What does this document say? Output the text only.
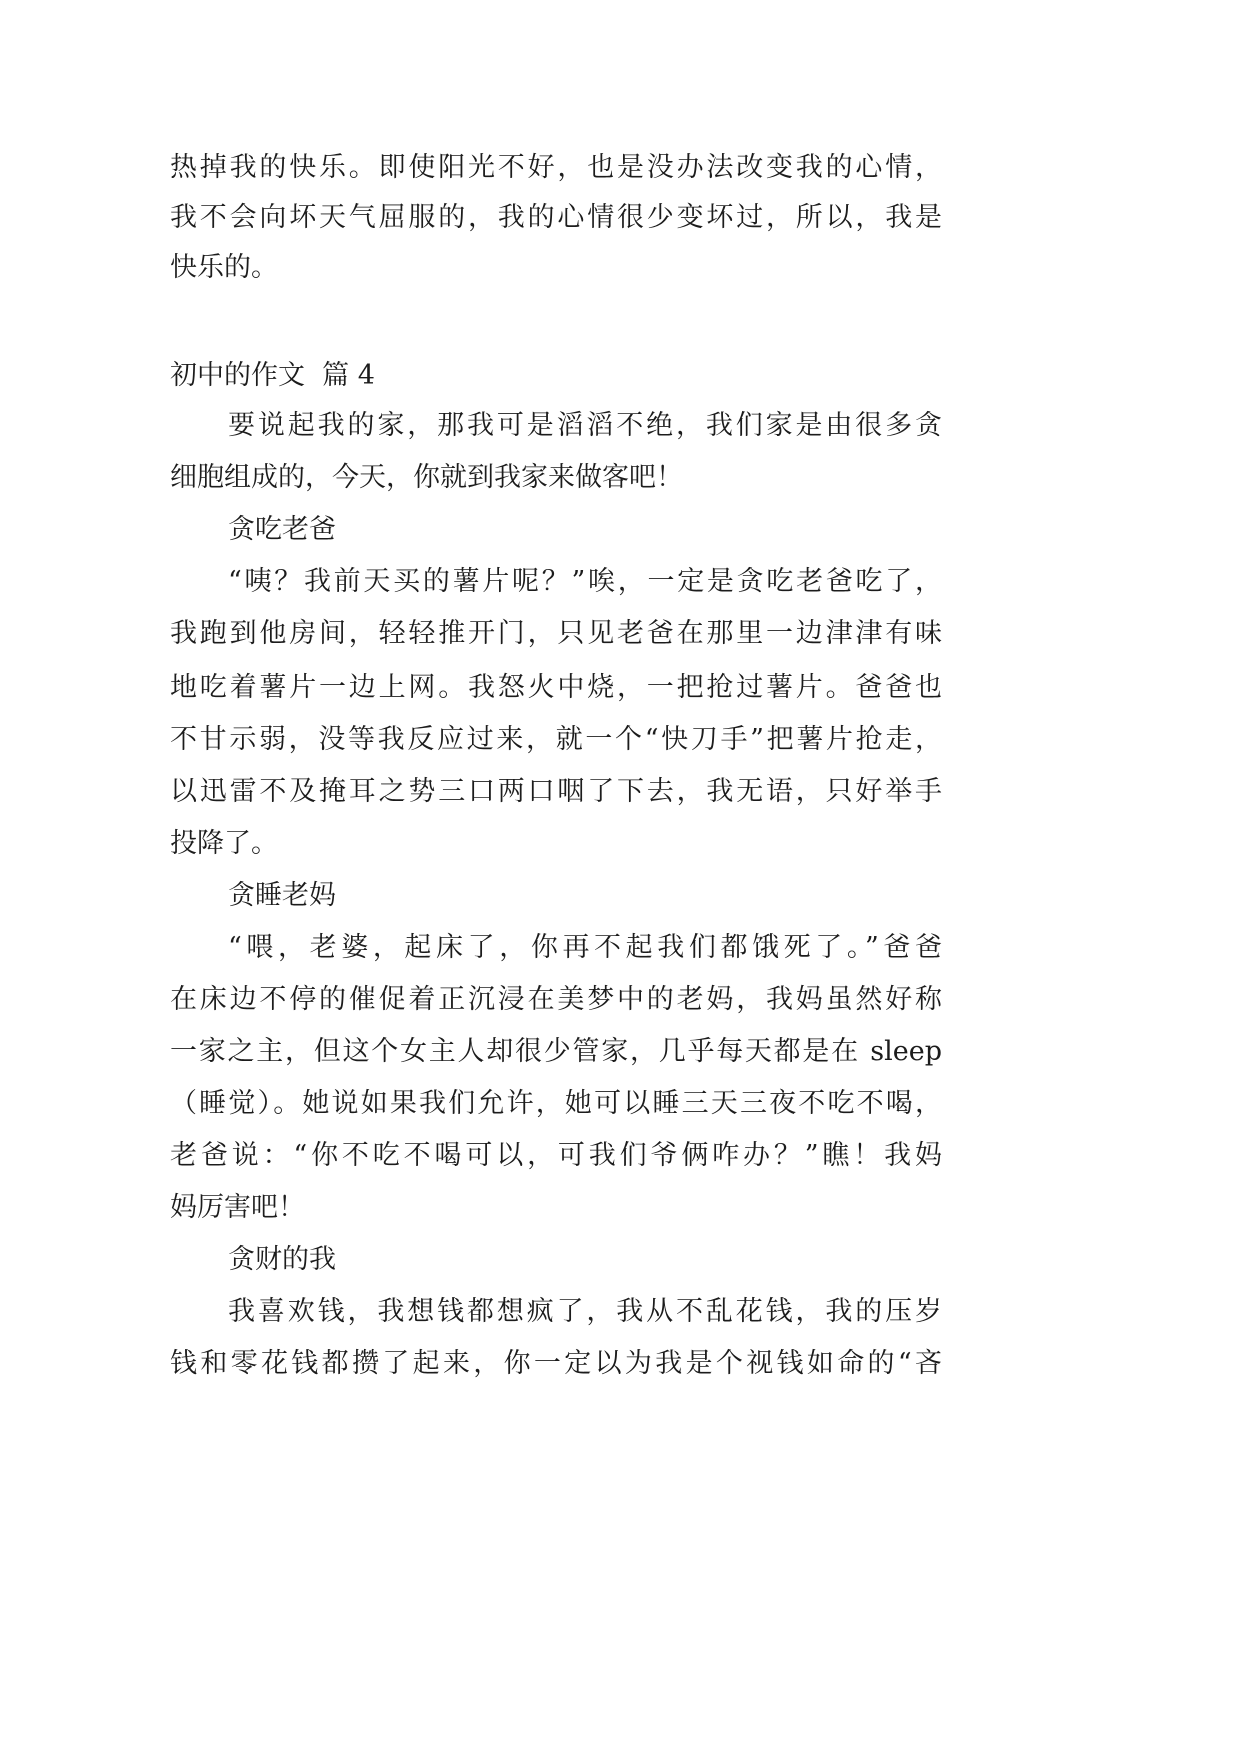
热掉我的快乐。即使阳光不好，也是没办法改变我的心情，
我不会向坏天气屈服的，我的心情很少变坏过，所以，我是
快乐的。
初中的作文  篇 4
要说起我的家，那我可是滔滔不绝，我们家是由很多贪
细胞组成的，今天，你就到我家来做客吧！
贪吃老爸
“咦？我前天买的薯片呢？”唉，一定是贪吃老爸吃了，
我跑到他房间，轻轻推开门，只见老爸在那里一边津津有味
地吃着薯片一边上网。我怒火中烧，一把抢过薯片。爸爸也
不甘示弱，没等我反应过来，就一个“快刀手”把薯片抢走，
以迅雷不及掩耳之势三口两口咽了下去，我无语，只好举手
投降了。
贪睡老妈
“喂，老婆，起床了，你再不起我们都饿死了。”爸爸
在床边不停的催促着正沉浸在美梦中的老妈，我妈虽然好称
一家之主，但这个女主人却很少管家，几乎每天都是在 sleep
（睡觉）。她说如果我们允许，她可以睡三天三夜不吃不喝，
老爸说：“你不吃不喝可以，可我们爷俩咋办？”瞧！我妈
妈厉害吧！
贪财的我
我喜欢钱，我想钱都想疯了，我从不乱花钱，我的压岁
钱和零花钱都攒了起来，你一定以为我是个视钱如命的“吝
